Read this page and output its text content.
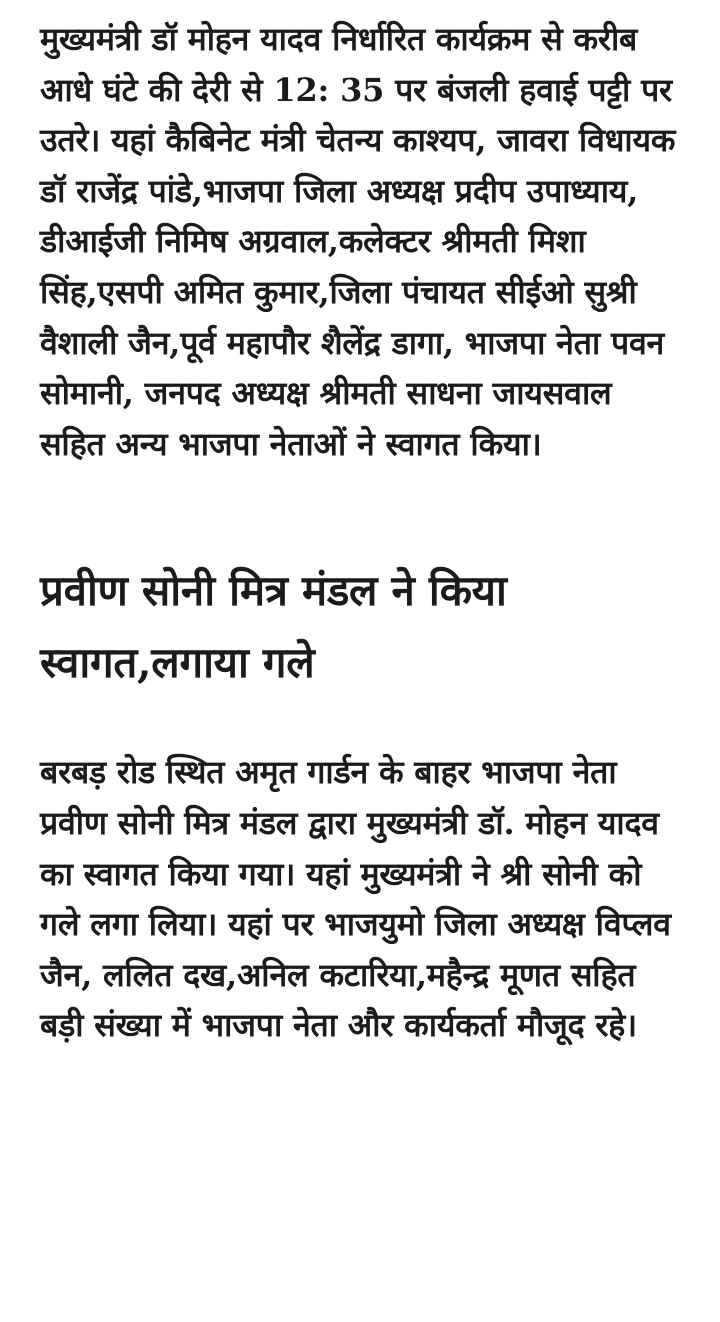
मुख्यमंत्री डॉ मोहन यादव निर्धारित कार्यक्रम से करीब आधे घंटे की देरी से 12: 35 पर बंजली हवाई पट्टी पर उतरे। यहां कैबिनेट मंत्री चेतन्य काश्यप, जावरा विधायक डॉ राजेंद्र पांडे,भाजपा जिला अध्यक्ष प्रदीप उपाध्याय, डीआईजी निमिष अग्रवाल,कलेक्टर श्रीमती मिशा सिंह,एसपी अमित कुमार,जिला पंचायत सीईओ सुश्री वैशाली जैन,पूर्व महापौर शैलेंद्र डागा, भाजपा नेता पवन सोमानी, जनपद अध्यक्ष श्रीमती साधना जायसवाल सहित अन्य भाजपा नेताओं ने स्वागत किया।

प्रवीण सोनी मित्र मंडल ने किया स्वागत,लगाया गले

बरबड़ रोड स्थित अमृत गार्डन के बाहर भाजपा नेता प्रवीण सोनी मित्र मंडल द्वारा मुख्यमंत्री डॉ. मोहन यादव का स्वागत किया गया। यहां मुख्यमंत्री ने श्री सोनी को गले लगा लिया। यहां पर भाजयुमो जिला अध्यक्ष विप्लव जैन, ललित दख,अनिल कटारिया,महैन्द्र मूणत सहित बड़ी संख्या में भाजपा नेता और कार्यकर्ता मौजूद रहे।
